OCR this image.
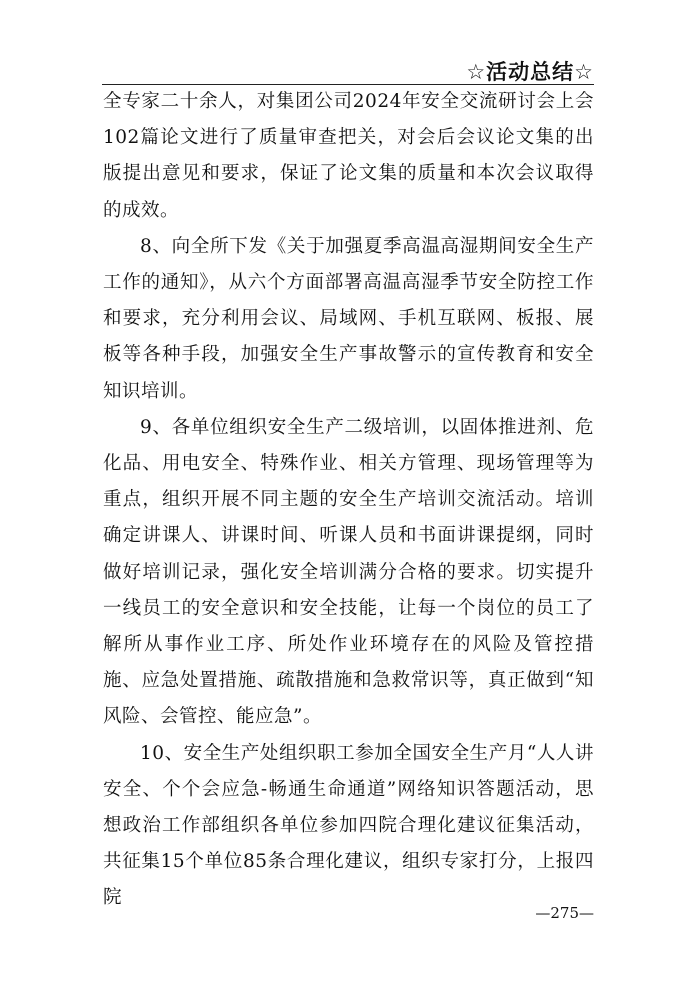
☆活动总结☆

全专家二十余人，对集团公司2024年安全交流研讨会上会102篇论文进行了质量审查把关，对会后会议论文集的出版提出意见和要求，保证了论文集的质量和本次会议取得的成效。

8、向全所下发《关于加强夏季高温高湿期间安全生产工作的通知》，从六个方面部署高温高湿季节安全防控工作和要求，充分利用会议、局域网、手机互联网、板报、展板等各种手段，加强安全生产事故警示的宣传教育和安全知识培训。

9、各单位组织安全生产二级培训，以固体推进剂、危化品、用电安全、特殊作业、相关方管理、现场管理等为重点，组织开展不同主题的安全生产培训交流活动。培训确定讲课人、讲课时间、听课人员和书面讲课提纲，同时做好培训记录，强化安全培训满分合格的要求。切实提升一线员工的安全意识和安全技能，让每一个岗位的员工了解所从事作业工序、所处作业环境存在的风险及管控措施、应急处置措施、疏散措施和急救常识等，真正做到“知风险、会管控、能应急”。

10、安全生产处组织职工参加全国安全生产月“人人讲安全、个个会应急-畅通生命通道”网络知识答题活动，思想政治工作部组织各单位参加四院合理化建议征集活动，共征集15个单位85条合理化建议，组织专家打分，上报四院

—275—
